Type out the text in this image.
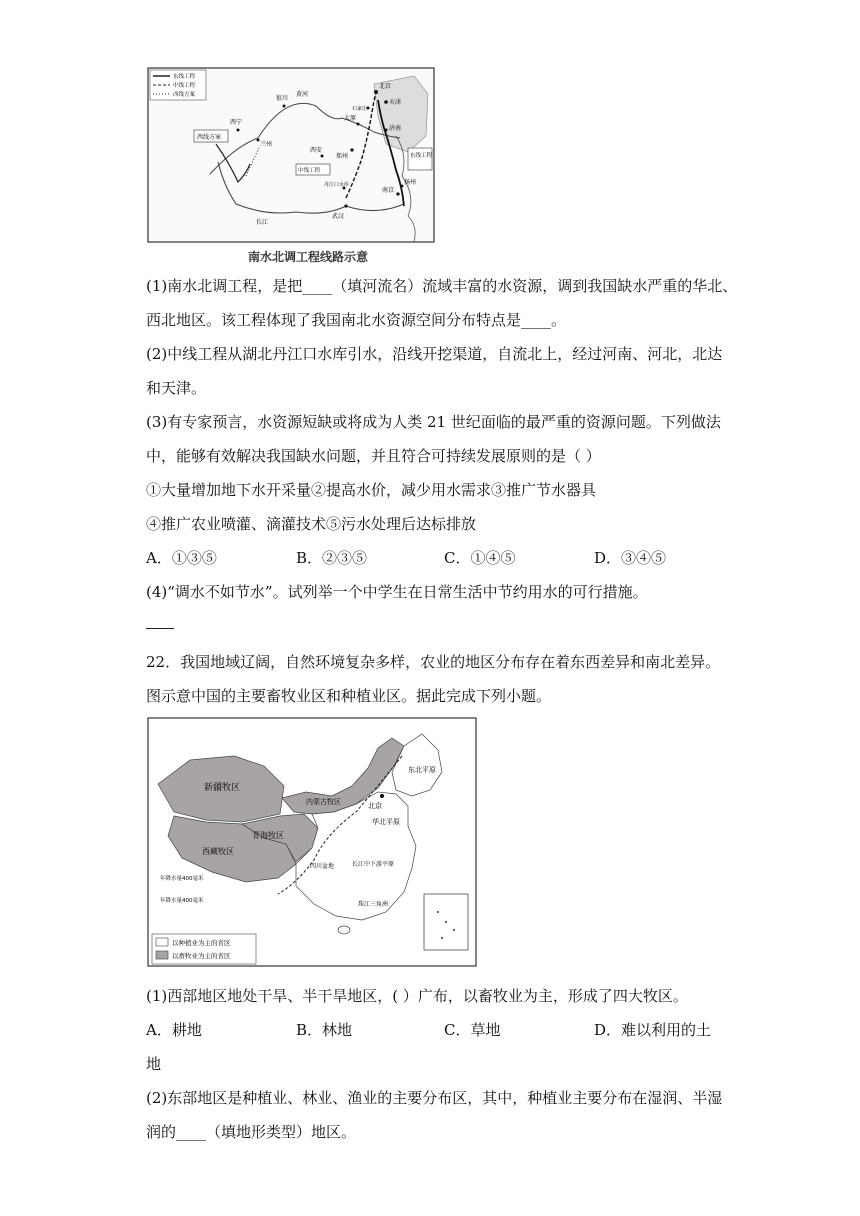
东线工程
中线工程
西线方案
西线方案
东线工程
中线工程
北京
天津
银川
西宁
兰州
郑州
西安
太原
石家庄
济南
丹江口水库
武汉
南京
扬州
长江
黄河
南水北调工程线路示意
(1)南水北调工程，是把____（填河流名）流域丰富的水资源，调到我国缺水严重的华北、
西北地区。该工程体现了我国南北水资源空间分布特点是____。
(2)中线工程从湖北丹江口水库引水，沿线开挖渠道，自流北上，经过河南、河北，北达
和天津。
(3)有专家预言，水资源短缺或将成为人类 21 世纪面临的最严重的资源问题。下列做法
中，能够有效解决我国缺水问题，并且符合可持续发展原则的是（ ）
①大量增加地下水开采量②提高水价，减少用水需求③推广节水器具
④推广农业喷灌、滴灌技术⑤污水处理后达标排放
A．①③⑤	B．②③⑤	C．①④⑤	D．③④⑤
(4)“调水不如节水”。试列举一个中学生在日常生活中节约用水的可行措施。
22．我国地域辽阔，自然环境复杂多样，农业的地区分布存在着东西差异和南北差异。
图示意中国的主要畜牧业区和种植业区。据此完成下列小题。
新疆牧区
内蒙古牧区
青海牧区
西藏牧区
东北平原
华北平原
长江中下游平原
珠江三角洲
四川盆地
北京
年降水量400毫米
年降水量400毫米
以种植业为主的省区
以畜牧业为主的省区
(1)西部地区地处干旱、半干旱地区，( ）广布，以畜牧业为主，形成了四大牧区。
A．耕地	B．林地	C．草地	D．难以利用的土
地
(2)东部地区是种植业、林业、渔业的主要分布区，其中，种植业主要分布在湿润、半湿
润的____（填地形类型）地区。
